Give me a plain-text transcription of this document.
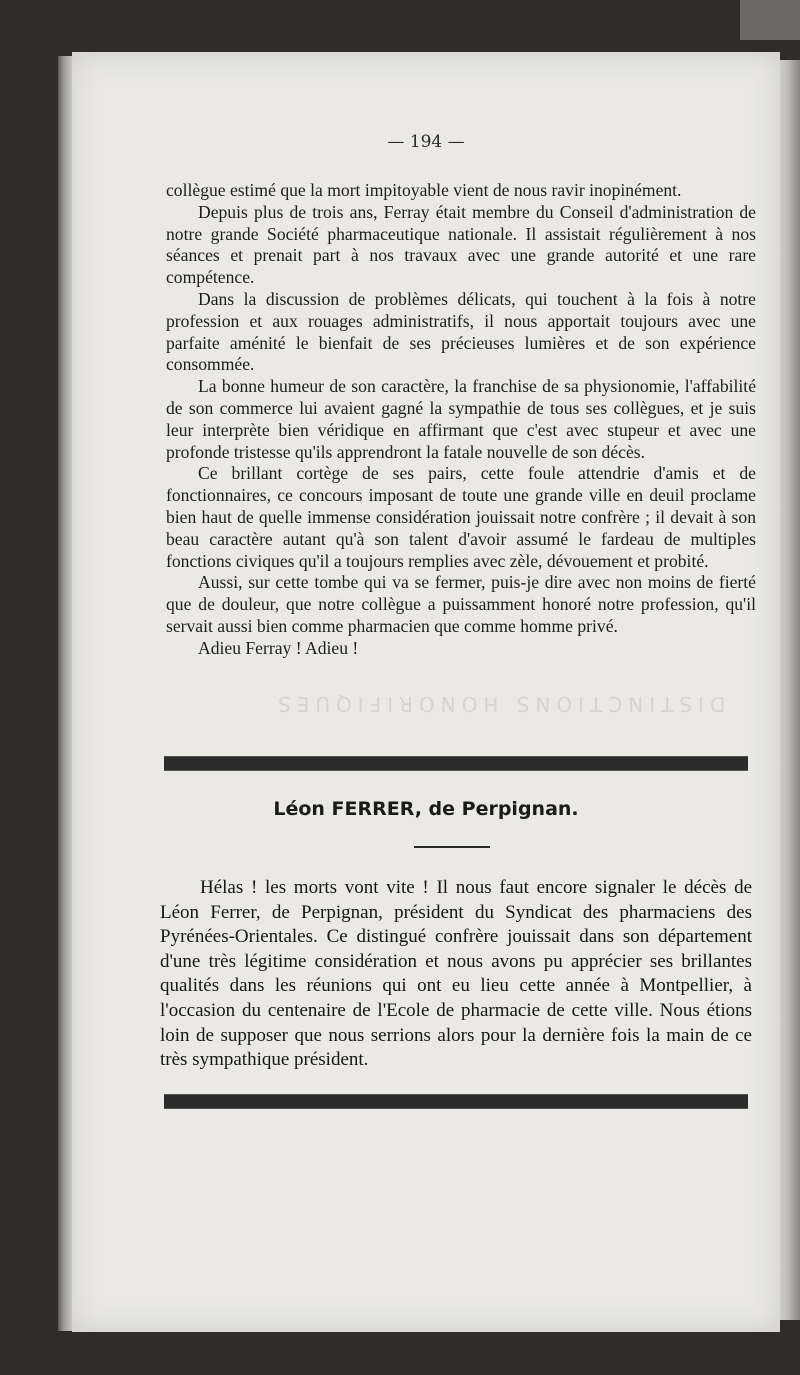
DISTINCTIONS HONORIFIQUES
— 194 —

collègue estimé que la mort impitoyable vient de nous ravir inopinément.

Depuis plus de trois ans, Ferray était membre du Conseil d'administration de notre grande Société pharmaceutique nationale. Il assistait régulièrement à nos séances et prenait part à nos travaux avec une grande autorité et une rare compétence.

Dans la discussion de problèmes délicats, qui touchent à la fois à notre profession et aux rouages administratifs, il nous apportait toujours avec une parfaite aménité le bienfait de ses précieuses lumières et de son expérience consommée.

La bonne humeur de son caractère, la franchise de sa physionomie, l'affabilité de son commerce lui avaient gagné la sympathie de tous ses collègues, et je suis leur interprète bien véridique en affirmant que c'est avec stupeur et avec une profonde tristesse qu'ils apprendront la fatale nouvelle de son décès.

Ce brillant cortège de ses pairs, cette foule attendrie d'amis et de fonctionnaires, ce concours imposant de toute une grande ville en deuil proclame bien haut de quelle immense considération jouissait notre confrère ; il devait à son beau caractère autant qu'à son talent d'avoir assumé le fardeau de multiples fonctions civiques qu'il a toujours remplies avec zèle, dévouement et probité.

Aussi, sur cette tombe qui va se fermer, puis-je dire avec non moins de fierté que de douleur, que notre collègue a puissamment honoré notre profession, qu'il servait aussi bien comme pharmacien que comme homme privé.

Adieu Ferray ! Adieu !

Léon FERRER, de Perpignan.

Hélas ! les morts vont vite ! Il nous faut encore signaler le décès de Léon Ferrer, de Perpignan, président du Syndicat des pharmaciens des Pyrénées-Orientales. Ce distingué confrère jouissait dans son département d'une très légitime considération et nous avons pu apprécier ses brillantes qualités dans les réunions qui ont eu lieu cette année à Montpellier, à l'occasion du centenaire de l'Ecole de pharmacie de cette ville. Nous étions loin de supposer que nous serrions alors pour la dernière fois la main de ce très sympathique président.
